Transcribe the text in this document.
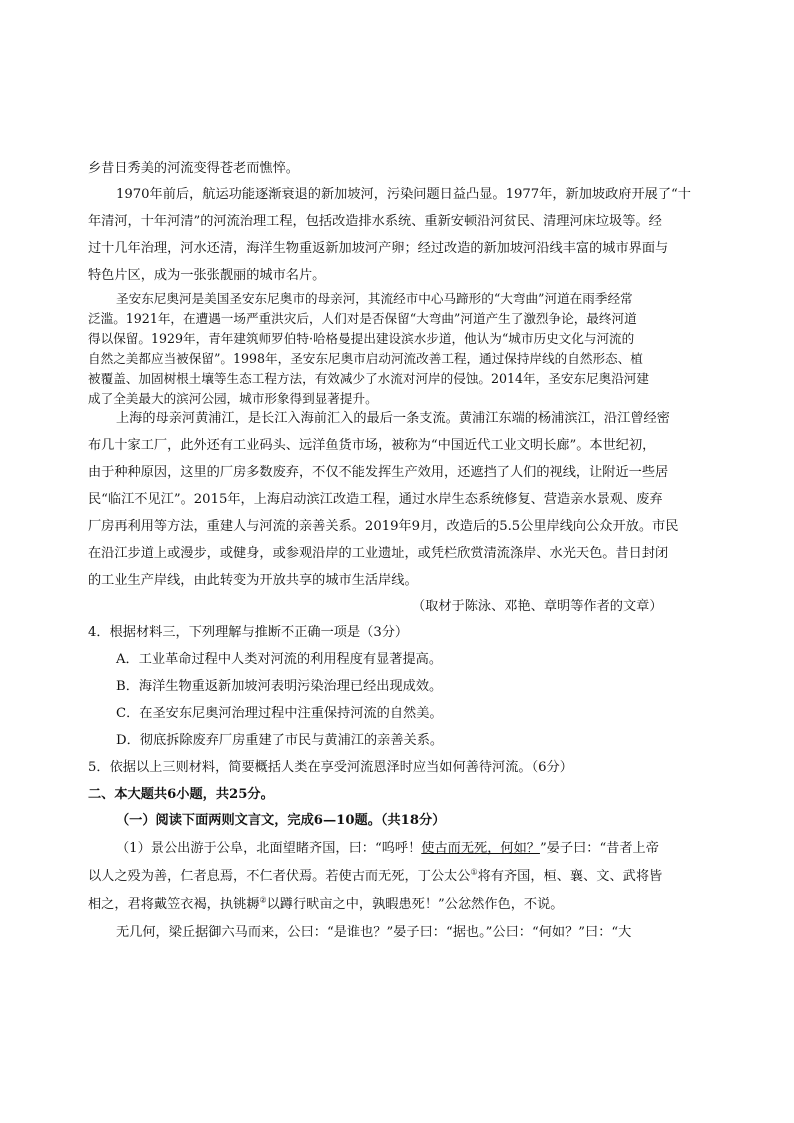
乡昔日秀美的河流变得苍老而憔悴。
1970年前后，航运功能逐渐衰退的新加坡河，污染问题日益凸显。1977年，新加坡政府开展了“十
年清河，十年河清”的河流治理工程，包括改造排水系统、重新安顿沿河贫民、清理河床垃圾等。经
过十几年治理，河水还清，海洋生物重返新加坡河产卵；经过改造的新加坡河沿线丰富的城市界面与
特色片区，成为一张张靓丽的城市名片。
圣安东尼奥河是美国圣安东尼奥市的母亲河，其流经市中心马蹄形的“大弯曲”河道在雨季经常
泛滥。1921年，在遭遇一场严重洪灾后，人们对是否保留“大弯曲”河道产生了激烈争论，最终河道
得以保留。1929年，青年建筑师罗伯特·哈格曼提出建设滨水步道，他认为“城市历史文化与河流的
自然之美都应当被保留”。1998年，圣安东尼奥市启动河流改善工程，通过保持岸线的自然形态、植
被覆盖、加固树根土壤等生态工程方法，有效减少了水流对河岸的侵蚀。2014年，圣安东尼奥沿河建
成了全美最大的滨河公园，城市形象得到显著提升。
上海的母亲河黄浦江，是长江入海前汇入的最后一条支流。黄浦江东端的杨浦滨江，沿江曾经密
布几十家工厂，此外还有工业码头、远洋鱼货市场，被称为“中国近代工业文明长廊”。本世纪初，
由于种种原因，这里的厂房多数废弃，不仅不能发挥生产效用，还遮挡了人们的视线，让附近一些居
民“临江不见江”。2015年，上海启动滨江改造工程，通过水岸生态系统修复、营造亲水景观、废弃
厂房再利用等方法，重建人与河流的亲善关系。2019年9月，改造后的5.5公里岸线向公众开放。市民
在沿江步道上或漫步，或健身，或参观沿岸的工业遗址，或凭栏欣赏清流涤岸、水光天色。昔日封闭
的工业生产岸线，由此转变为开放共享的城市生活岸线。
（取材于陈泳、邓艳、章明等作者的文章）
4．根据材料三，下列理解与推断不正确一项是（3分）
A．工业革命过程中人类对河流的利用程度有显著提高。
B．海洋生物重返新加坡河表明污染治理已经出现成效。
C．在圣安东尼奥河治理过程中注重保持河流的自然美。
D．彻底拆除废弃厂房重建了市民与黄浦江的亲善关系。
5．依据以上三则材料，简要概括人类在享受河流恩泽时应当如何善待河流。（6分）
二、本大题共6小题，共25分。
（一）阅读下面两则文言文，完成6—10题。（共18分）
（1）景公出游于公阜，北面望睹齐国，曰：“呜呼！使古而无死，何如？”晏子曰：“昔者上帝
以人之殁为善，仁者息焉，不仁者伏焉。若使古而无死，丁公太公①将有齐国，桓、襄、文、武将皆
相之，君将戴笠衣褐，执铫耨②以蹲行畎亩之中，孰暇患死！”公忿然作色，不说。
无几何，梁丘据御六马而来，公曰：“是谁也？”晏子曰：“据也。”公曰：“何如？”曰：“大
